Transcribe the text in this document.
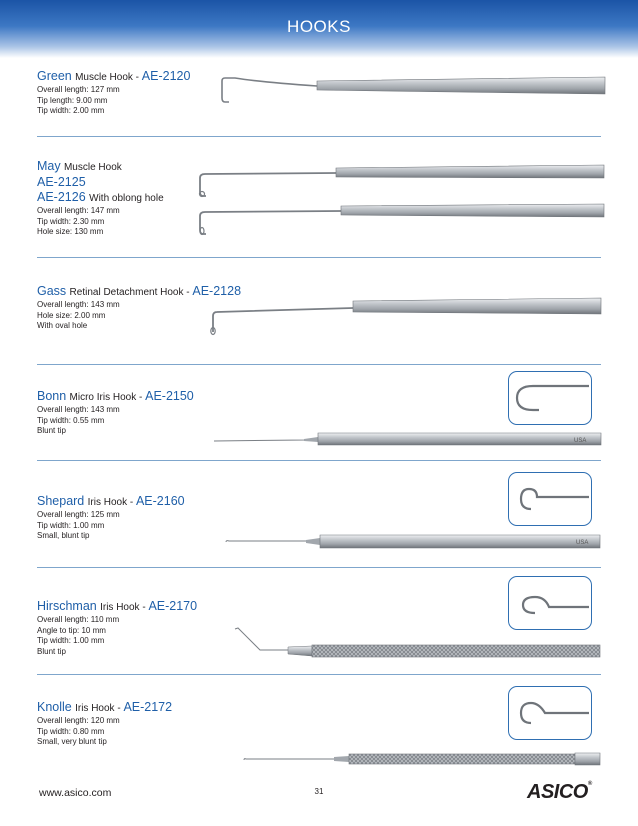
HOOKS
Green Muscle Hook - AE-2120
Overall length: 127 mm
Tip length: 9.00 mm
Tip width: 2.00 mm
May Muscle Hook
AE-2125
AE-2126 With oblong hole
Overall length: 147 mm
Tip width: 2.30 mm
Hole size: 130 mm
Gass Retinal Detachment Hook - AE-2128
Overall length: 143 mm
Hole size: 2.00 mm
With oval hole
Bonn Micro Iris Hook - AE-2150
Overall length: 143 mm
Tip width: 0.55 mm
Blunt tip
USA
Shepard Iris Hook - AE-2160
Overall length: 125 mm
Tip width: 1.00 mm
Small, blunt tip
USA
Hirschman Iris Hook - AE-2170
Overall length: 110 mm
Angle to tip: 10 mm
Tip width: 1.00 mm
Blunt tip
Knolle Iris Hook - AE-2172
Overall length: 120 mm
Tip width: 0.80 mm
Small, very blunt tip
www.asico.com	31	ASICO®
